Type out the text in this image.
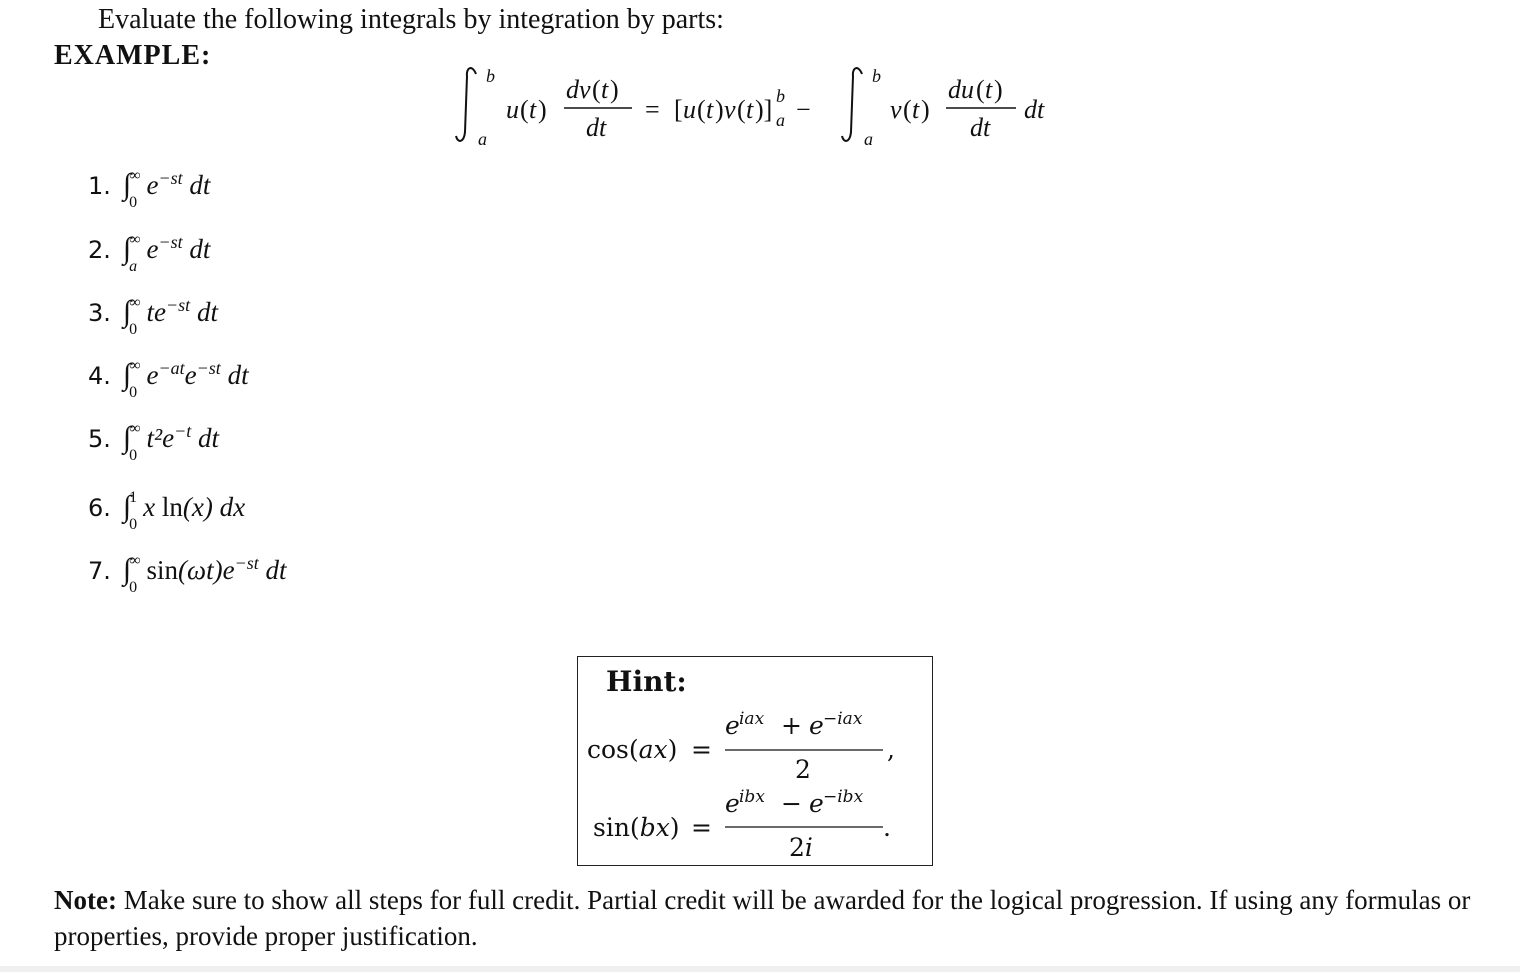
Evaluate the following integrals by integration by parts:
EXAMPLE:
b
a
u ( t )
dv ( t )
dt
= [ u ( t ) v ( t )] b
a −
b
a
v ( t )
du ( t )
dt
dt
1. ∫
∞
0
$e^{-st}$ dt
2. ∫
∞
a
$e^{-st}$ dt
3. ∫
∞
0
$te^{-st}$ dt
4. ∫
∞
0
$e^{-at}e^{-st}$ dt
5. ∫
∞
0
$t^2e^{-t}$ dt
6. ∫
1
0
x ln(x) dx
7. ∫
∞
0
$\sin(\omega t)e^{-st}$ dt
Hint:
cos(ax) =
e iax + e −iax
2
,
sin(bx) =
e ibx − e −ibx
2i
.
Note: Make sure to show all steps for full credit. Partial credit will be awarded for the logical progression. If using any formulas or properties, provide proper justification.
